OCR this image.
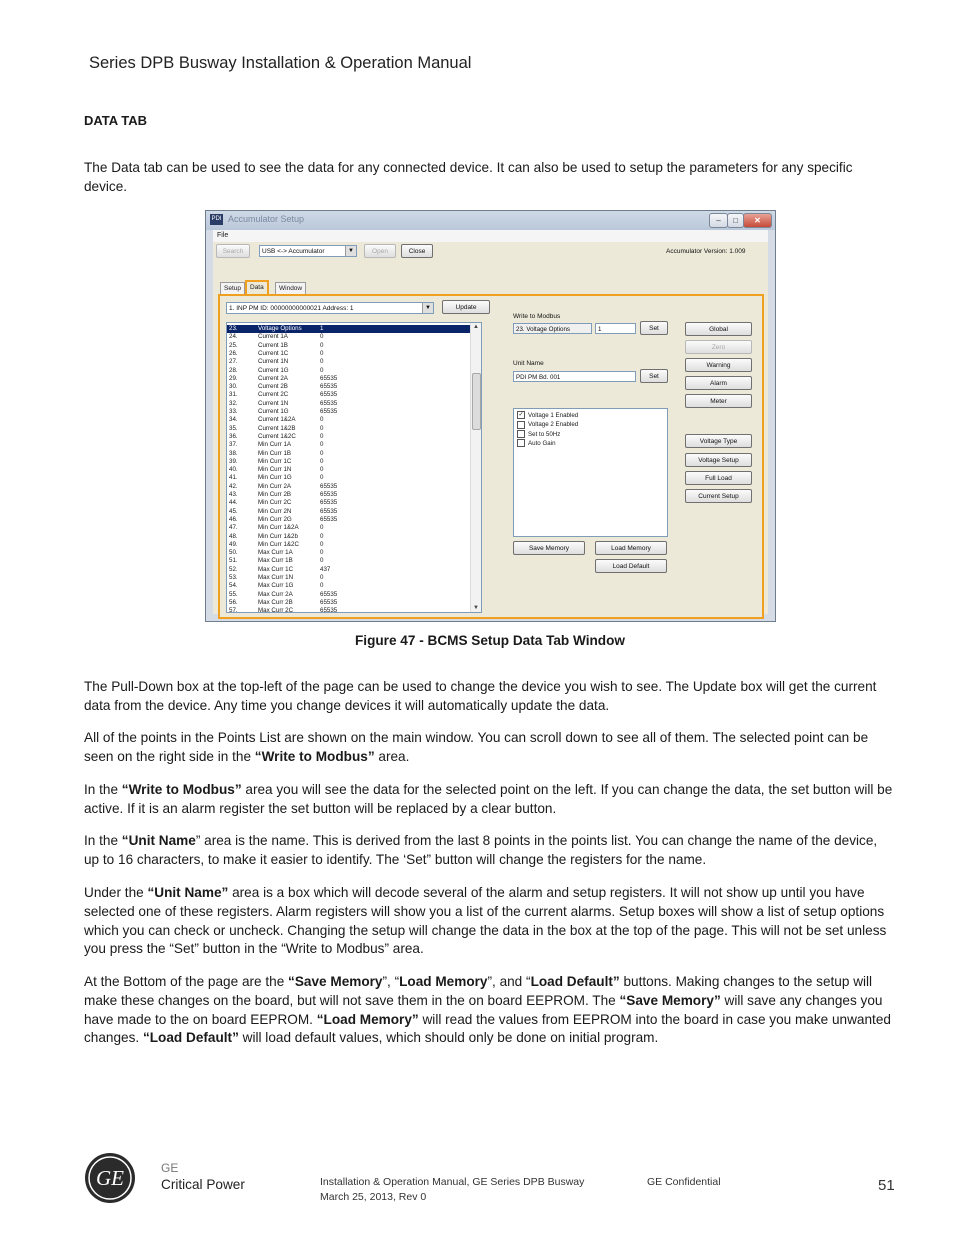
Series DPB Busway Installation & Operation Manual
DATA TAB

The Data tab can be used to see the data for any connected device. It can also be used to setup the parameters for any specific device.

PDI Accumulator Setup	–	□	✕
File
Search	USB <-> Accumulator	▼	Open	Close	Accumulator Version: 1.009
Setup	Data	Window
1. INP PM ID: 00000000000021 Address: 1	▼	Update
57.	Max Curr 2C	65535
56.	Max Curr 2B	65535
55.	Max Curr 2A	65535
54.	Max Curr 1G	0
53.	Max Curr 1N	0
52.	Max Curr 1C	437
51.	Max Curr 1B	0
50.	Max Curr 1A	0
49.	Min Curr 1&2C	0
48.	Min Curr 1&2b	0
47.	Min Curr 1&2A	0
46.	Min Curr 2G	65535
45.	Min Curr 2N	65535
44.	Min Curr 2C	65535
43.	Min Curr 2B	65535
42.	Min Curr 2A	65535
41.	Min Curr 1G	0
40.	Min Curr 1N	0
39.	Min Curr 1C	0
38.	Min Curr 1B	0
37.	Min Curr 1A	0
36.	Current 1&2C	0
35.	Current 1&2B	0
34.	Current 1&2A	0
33.	Current 1G	65535
32.	Current 1N	65535
31.	Current 2C	65535
30.	Current 2B	65535
29.	Current 2A	65535
28.	Current 1G	0
27.	Current 1N	0
26.	Current 1C	0
25.	Current 1B	0
24.	Current 1A	0
23.	Voltage Options	1	▲
▼
Write to Modbus
23. Voltage Options	1	Set
Unit Name
PDI PM Bd. 001	Set
✓ Voltage 1 Enabled
Voltage 2 Enabled
Set to 50Hz
Auto Gain
Save Memory	Load Memory
Load Default
Global
Zero
Warning
Alarm
Meter
Voltage Type
Voltage Setup
Full Load
Current Setup
Figure 47 - BCMS Setup Data Tab Window

The Pull-Down box at the top-left of the page can be used to change the device you wish to see. The Update box will get the current data from the device. Any time you change devices it will automatically update the data.

All of the points in the Points List are shown on the main window. You can scroll down to see all of them. The selected point can be seen on the right side in the “Write to Modbus” area.

In the “Write to Modbus” area you will see the data for the selected point on the left. If you can change the data, the set button will be active. If it is an alarm register the set button will be replaced by a clear button.

In the “Unit Name” area is the name. This is derived from the last 8 points in the points list. You can change the name of the device, up to 16 characters, to make it easier to identify. The ‘Set” button will change the registers for the name.

Under the “Unit Name” area is a box which will decode several of the alarm and setup registers. It will not show up until you have selected one of these registers. Alarm registers will show you a list of the current alarms. Setup boxes will show a list of setup options which you can check or uncheck. Changing the setup will change the data in the box at the top of the page. This will not be set unless you press the “Set” button in the “Write to Modbus” area.

At the Bottom of the page are the “Save Memory”, “Load Memory”, and “Load Default” buttons. Making changes to the setup will make these changes on the board, but will not save them in the on board EEPROM. The “Save Memory” will save any changes you have made to the on board EEPROM. “Load Memory” will read the values from EEPROM into the board in case you make unwanted changes. “Load Default” will load default values, which should only be done on initial program.

GE	GE
Critical Power	Installation & Operation Manual, GE Series DPB Busway
March 25, 2013, Rev 0
GE Confidential	51
